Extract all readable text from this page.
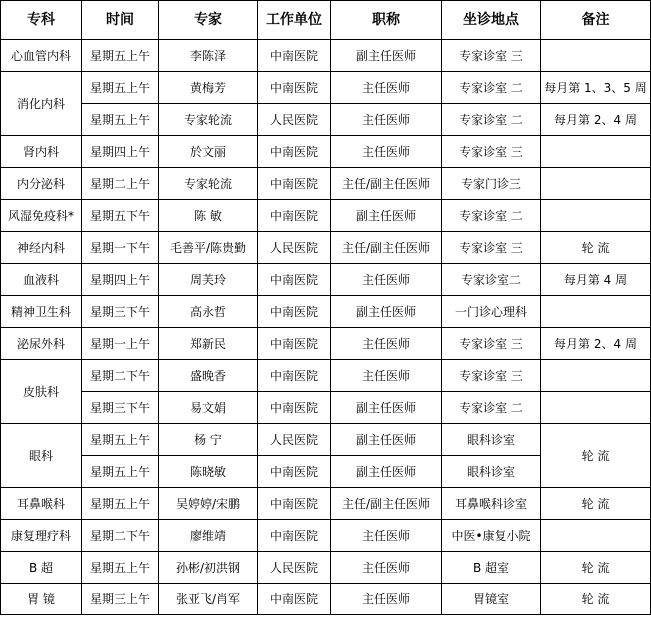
专科	时间	专家	工作单位	职称	坐诊地点	备注
心血管内科	星期五上午	李陈泽	中南医院	副主任医师	专家诊室 三	
消化内科	星期五上午	黄梅芳	中南医院	主任医师	专家诊室 二	每月第 1、3、5 周
	星期五上午	专家轮流	人民医院	主任医师	专家诊室 二	每月第 2、4 周
肾内科	星期四上午	於文丽	中南医院	主任医师	专家诊室 三	
内分泌科	星期二上午	专家轮流	中南医院	主任/副主任医师	专家门诊三	
风湿免疫科*	星期五下午	陈 敏	中南医院	副主任医师	专家诊室 二	
神经内科	星期一下午	毛善平/陈贵勤	人民医院	主任/副主任医师	专家诊室 三	轮 流
血液科	星期四上午	周芙玲	中南医院	主任医师	专家诊室二	每月第 4 周
精神卫生科	星期三下午	高永哲	中南医院	副主任医师	一门诊心理科	
泌尿外科	星期一上午	郑新民	中南医院	主任医师	专家诊室 三	每月第 2、4 周
皮肤科	星期二下午	盛晚香	中南医院	主任医师	专家诊室 三	
	星期三下午	易文娟	中南医院	副主任医师	专家诊室 二	
眼科	星期五上午	杨 宁	人民医院	副主任医师	眼科诊室	轮 流
	星期五上午	陈晓敏	中南医院	副主任医师	眼科诊室	
耳鼻喉科	星期五上午	吴婷婷/宋鹏	中南医院	主任/副主任医师	耳鼻喉科诊室	轮 流
康复理疗科	星期二下午	廖维靖	中南医院	主任医师	中医•康复小院	
B 超	星期五上午	孙彬/初洪钢	人民医院	主任医师	B 超室	轮 流
胃 镜	星期三上午	张亚飞/肖军	中南医院	主任医师	胃镜室	轮 流
